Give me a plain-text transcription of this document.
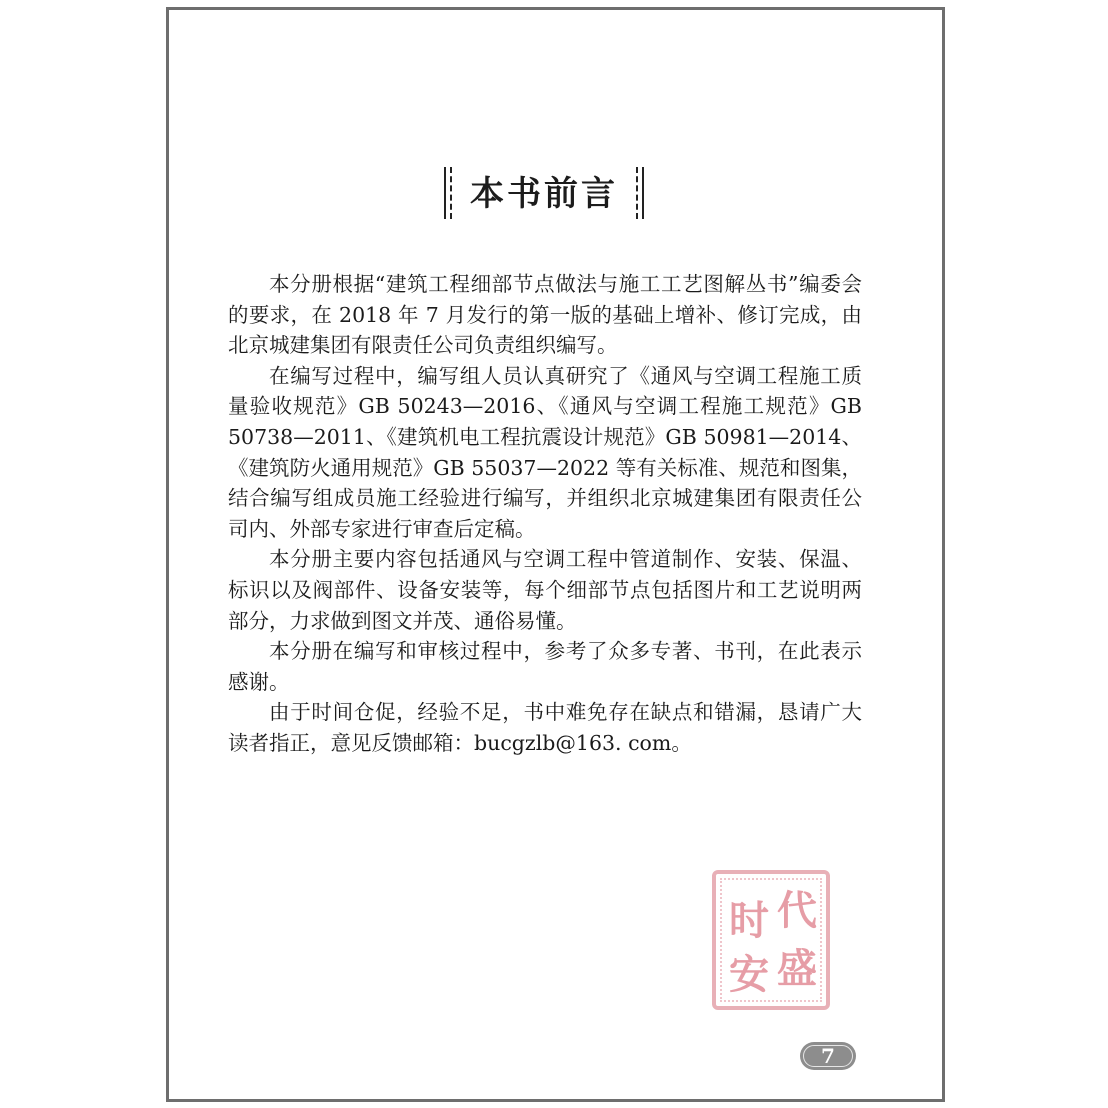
本书前言

本分册根据“建筑工程细部节点做法与施工工艺图解丛书”编委会的要求，在 2018 年 7 月发行的第一版的基础上增补、修订完成，由北京城建集团有限责任公司负责组织编写。

在编写过程中，编写组人员认真研究了《通风与空调工程施工质量验收规范》GB 50243—2016、《通风与空调工程施工规范》GB 50738—2011、《建筑机电工程抗震设计规范》GB 50981—2014、《建筑防火通用规范》GB 55037—2022 等有关标准、规范和图集，结合编写组成员施工经验进行编写，并组织北京城建集团有限责任公司内、外部专家进行审查后定稿。

本分册主要内容包括通风与空调工程中管道制作、安装、保温、标识以及阀部件、设备安装等，每个细部节点包括图片和工艺说明两部分，力求做到图文并茂、通俗易懂。

本分册在编写和审核过程中，参考了众多专著、书刊，在此表示感谢。

由于时间仓促，经验不足，书中难免存在缺点和错漏，恳请广大读者指正，意见反馈邮箱：bucgzlb@163. com。

代
时
盛
安
7
